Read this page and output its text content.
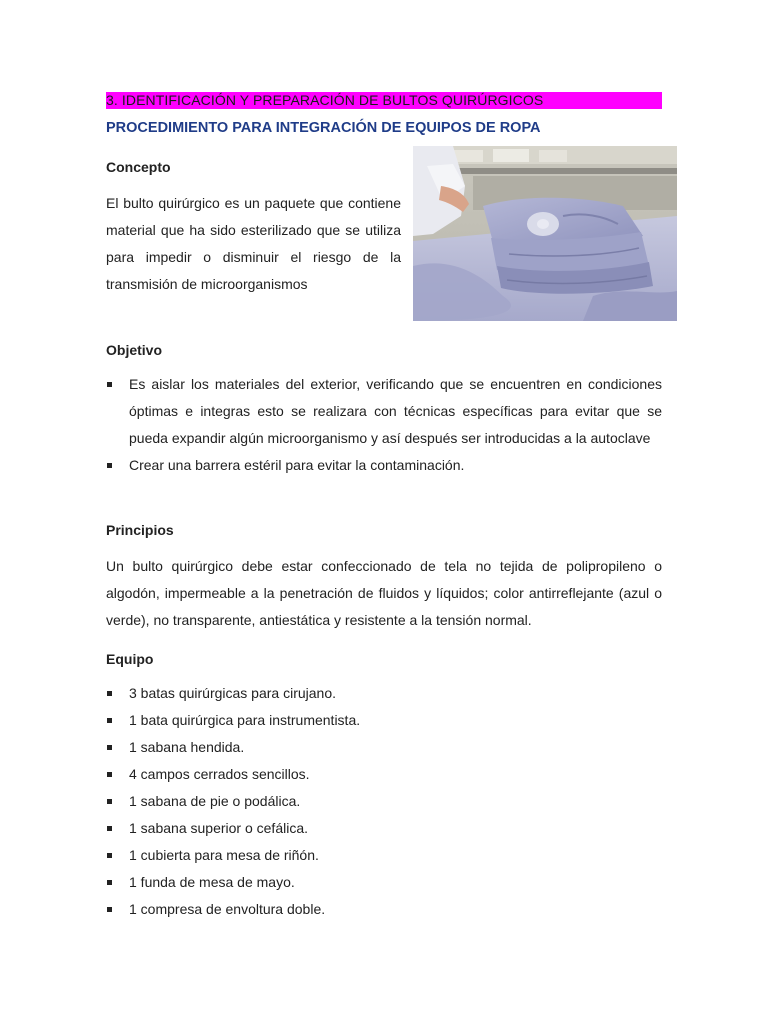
3. IDENTIFICACIÓN Y PREPARACIÓN DE BULTOS QUIRÚRGICOS
PROCEDIMIENTO PARA INTEGRACIÓN DE EQUIPOS DE ROPA
Concepto
El bulto quirúrgico es un paquete que contiene material que ha sido esterilizado que se utiliza para impedir o disminuir el riesgo de la transmisión de microorganismos
Objetivo
Es aislar los materiales del exterior, verificando que se encuentren en condiciones óptimas e integras esto se realizara con técnicas específicas para evitar que se pueda expandir algún microorganismo y así después ser introducidas a la autoclave
Crear una barrera estéril para evitar la contaminación.
Principios
Un bulto quirúrgico debe estar confeccionado de tela no tejida de polipropileno o algodón, impermeable a la penetración de fluidos y líquidos; color antirreflejante (azul o verde), no transparente, antiestática y resistente a la tensión normal.
Equipo
3 batas quirúrgicas para cirujano.
1 bata quirúrgica para instrumentista.
1 sabana hendida.
4 campos cerrados sencillos.
1 sabana de pie o podálica.
1 sabana superior o cefálica.
1 cubierta para mesa de riñón.
1 funda de mesa de mayo.
1 compresa de envoltura doble.
